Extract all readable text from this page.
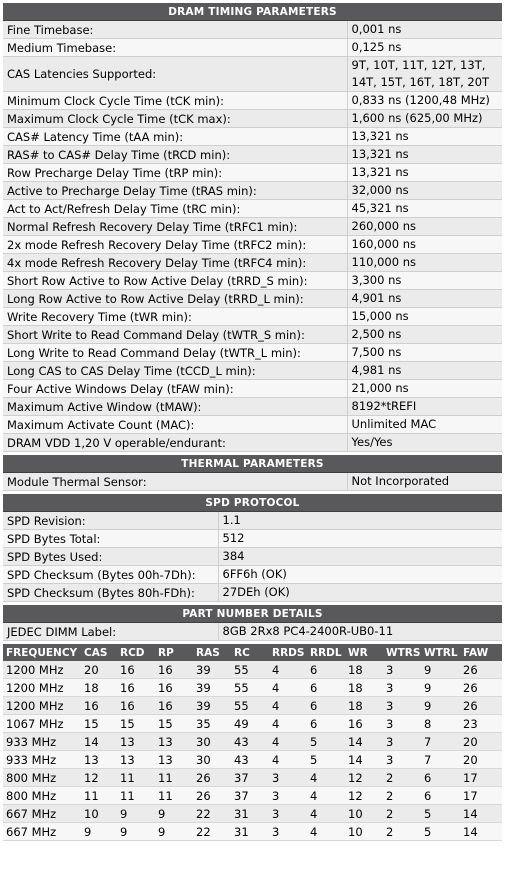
DRAM TIMING PARAMETERS	
Fine Timebase:	0,001 ns
Medium Timebase:	0,125 ns
CAS Latencies Supported:	9T, 10T, 11T, 12T, 13T, 14T, 15T, 16T, 18T, 20T
Minimum Clock Cycle Time (tCK min):	0,833 ns (1200,48 MHz)
Maximum Clock Cycle Time (tCK max):	1,600 ns (625,00 MHz)
CAS# Latency Time (tAA min):	13,321 ns
RAS# to CAS# Delay Time (tRCD min):	13,321 ns
Row Precharge Delay Time (tRP min):	13,321 ns
Active to Precharge Delay Time (tRAS min):	32,000 ns
Act to Act/Refresh Delay Time (tRC min):	45,321 ns
Normal Refresh Recovery Delay Time (tRFC1 min):	260,000 ns
2x mode Refresh Recovery Delay Time (tRFC2 min):	160,000 ns
4x mode Refresh Recovery Delay Time (tRFC4 min):	110,000 ns
Short Row Active to Row Active Delay (tRRD_S min):	3,300 ns
Long Row Active to Row Active Delay (tRRD_L min):	4,901 ns
Write Recovery Time (tWR min):	15,000 ns
Short Write to Read Command Delay (tWTR_S min):	2,500 ns
Long Write to Read Command Delay (tWTR_L min):	7,500 ns
Long CAS to CAS Delay Time (tCCD_L min):	4,981 ns
Four Active Windows Delay (tFAW min):	21,000 ns
Maximum Active Window (tMAW):	8192*tREFI
Maximum Activate Count (MAC):	Unlimited MAC
DRAM VDD 1,20 V operable/endurant:	Yes/Yes
THERMAL PARAMETERS
Module Thermal Sensor:	Not Incorporated
SPD PROTOCOL	
SPD Revision:	1.1
SPD Bytes Total:	512
SPD Bytes Used:	384
SPD Checksum (Bytes 00h-7Dh):	6FF6h (OK)
SPD Checksum (Bytes 80h-FDh):	27DEh (OK)
PART NUMBER DETAILS
JEDEC DIMM Label:	8GB 2Rx8 PC4-2400R-UB0-11
FREQUENCY	CAS	RCD	RP	RAS	RC	RRDS	RRDL	WR	WTRS	WTRL	FAW
1200 MHz	20	16	16	39	55	4	6	18	3	9	26
1200 MHz	18	16	16	39	55	4	6	18	3	9	26
1200 MHz	16	16	16	39	55	4	6	18	3	9	26
1067 MHz	15	15	15	35	49	4	6	16	3	8	23
933 MHz	14	13	13	30	43	4	5	14	3	7	20
933 MHz	13	13	13	30	43	4	5	14	3	7	20
800 MHz	12	11	11	26	37	3	4	12	2	6	17
800 MHz	11	11	11	26	37	3	4	12	2	6	17
667 MHz	10	9	9	22	31	3	4	10	2	5	14
667 MHz	9	9	9	22	31	3	4	10	2	5	14
